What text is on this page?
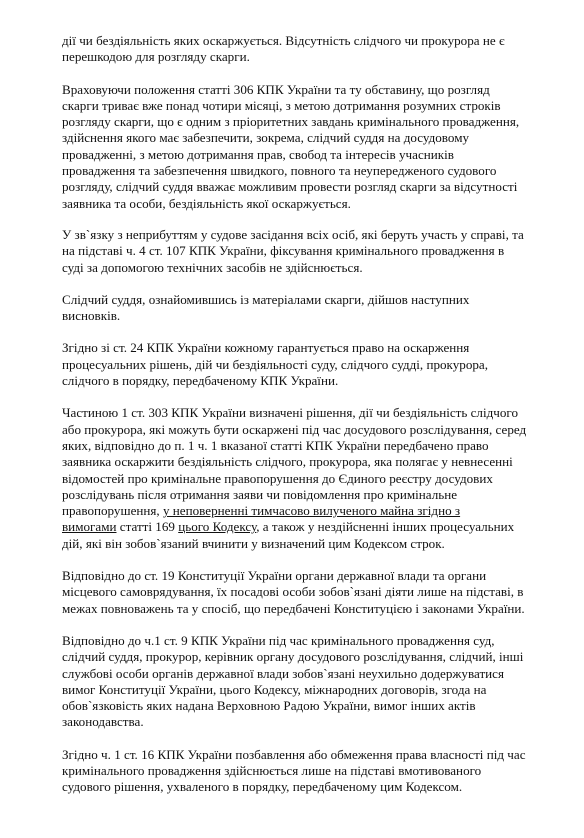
дії чи бездіяльність яких оскаржується. Відсутність слідчого чи прокурора не є
перешкодою для розгляду скарги.

Враховуючи положення статті 306 КПК України та ту обставину, що розгляд
скарги триває вже понад чотири місяці, з метою дотримання розумних строків
розгляду скарги, що є одним з пріоритетних завдань кримінального провадження,
здійснення якого має забезпечити, зокрема, слідчий суддя на досудовому
провадженні, з метою дотримання прав, свобод та інтересів учасників
провадження та забезпечення швидкого, повного та неупередженого судового
розгляду, слідчий суддя вважає можливим провести розгляд скарги за відсутності
заявника та особи, бездіяльність якої оскаржується.

У зв`язку з неприбуттям у судове засідання всіх осіб, які беруть участь у справі, та
на підставі ч. 4 ст. 107 КПК України, фіксування кримінального провадження в
суді за допомогою технічних засобів не здійснюється.

Слідчий суддя, ознайомившись із матеріалами скарги, дійшов наступних
висновків.

Згідно зі ст. 24 КПК України кожному гарантується право на оскарження
процесуальних рішень, дій чи бездіяльності суду, слідчого судді, прокурора,
слідчого в порядку, передбаченому КПК України.

Частиною 1 ст. 303 КПК України визначені рішення, дії чи бездіяльність слідчого
або прокурора, які можуть бути оскаржені під час досудового розслідування, серед
яких, відповідно до п. 1 ч. 1 вказаної статті КПК України передбачено право
заявника оскаржити бездіяльність слідчого, прокурора, яка полягає у невнесенні
відомостей про кримінальне правопорушення до Єдиного реєстру досудових
розслідувань після отримання заяви чи повідомлення про кримінальне
правопорушення, у неповерненні тимчасово вилученого майна згідно з
вимогами статті 169 цього Кодексу, а також у нездійсненні інших процесуальних
дій, які він зобов`язаний вчинити у визначений цим Кодексом строк.

Відповідно до ст. 19 Конституції України органи державної влади та органи
місцевого самоврядування, їх посадові особи зобов`язані діяти лише на підставі, в
межах повноважень та у спосіб, що передбачені Конституцією і законами України.

Відповідно до ч.1 ст. 9 КПК України під час кримінального провадження суд,
слідчий суддя, прокурор, керівник органу досудового розслідування, слідчий, інші
службові особи органів державної влади зобов`язані неухильно додержуватися
вимог Конституції України, цього Кодексу, міжнародних договорів, згода на
обов`язковість яких надана Верховною Радою України, вимог інших актів
законодавства.

Згідно ч. 1 ст. 16 КПК України позбавлення або обмеження права власності під час
кримінального провадження здійснюється лише на підставі вмотивованого
судового рішення, ухваленого в порядку, передбаченому цим Кодексом.
